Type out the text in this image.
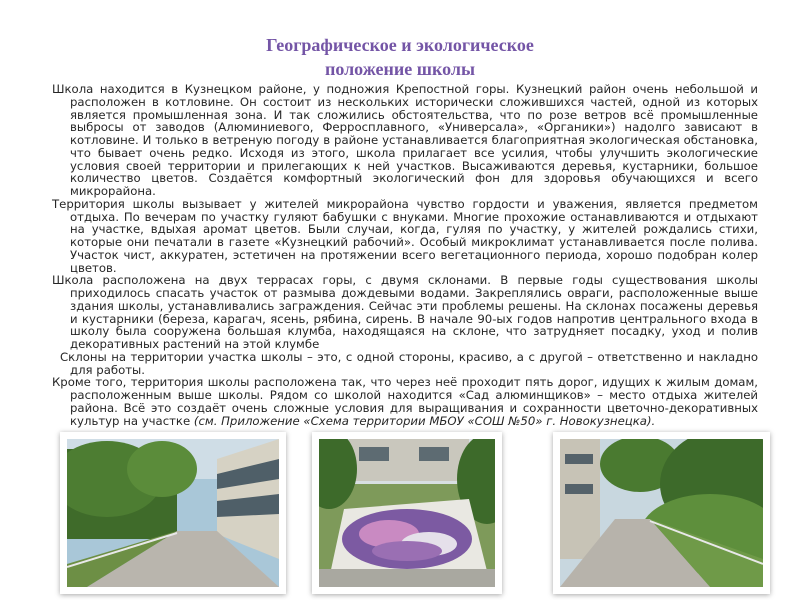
Географическое и экологическое
положение школы

Школа находится в Кузнецком районе, у подножия Крепостной горы. Кузнецкий район очень небольшой и расположен в котловине. Он состоит из нескольких исторически сложившихся частей, одной из которых является промышленная зона. И так сложились обстоятельства, что по розе ветров всё промышленные выбросы от заводов (Алюминиевого, Ферросплавного, «Универсала», «Органики») надолго зависают в котловине. И только в ветреную погоду в районе устанавливается благоприятная экологическая обстановка, что бывает очень редко. Исходя из этого, школа прилагает все усилия, чтобы улучшить экологические условия своей территории и прилегающих к ней участков. Высаживаются деревья, кустарники, большое количество цветов. Создаётся комфортный экологический фон для здоровья обучающихся и всего микрорайона.

Территория школы вызывает у жителей микрорайона чувство гордости и уважения, является предметом отдыха. По вечерам по участку гуляют бабушки с внуками. Многие прохожие останавливаются и отдыхают на участке, вдыхая аромат цветов. Были случаи, когда, гуляя по участку, у жителей рождались стихи, которые они печатали в газете «Кузнецкий рабочий». Особый микроклимат устанавливается после полива. Участок чист, аккуратен, эстетичен на протяжении всего вегетационного периода, хорошо подобран колер цветов.

Школа расположена на двух террасах горы, с двумя склонами. В первые годы существования школы приходилось спасать участок от размыва дождевыми водами. Закреплялись овраги, расположенные выше здания школы, устанавливались заграждения. Сейчас эти проблемы решены. На склонах посажены деревья и кустарники (береза, карагач, ясень, рябина, сирень. В начале 90-ых годов напротив центрального входа в школу была сооружена большая клумба, находящаяся на склоне, что затрудняет посадку, уход и полив декоративных растений на этой клумбе

Склоны на территории участка школы – это, с одной стороны, красиво, а с другой – ответственно и накладно для работы.

Кроме того, территория школы расположена так, что через неё проходит пять дорог, идущих к жилым домам, расположенным выше школы. Рядом со школой находится «Сад алюминщиков» – место отдыха жителей района. Всё это создаёт очень сложные условия для выращивания и сохранности цветочно-декоративных культур на участке (см. Приложение «Схема территории МБОУ «СОШ №50» г. Новокузнецка).
